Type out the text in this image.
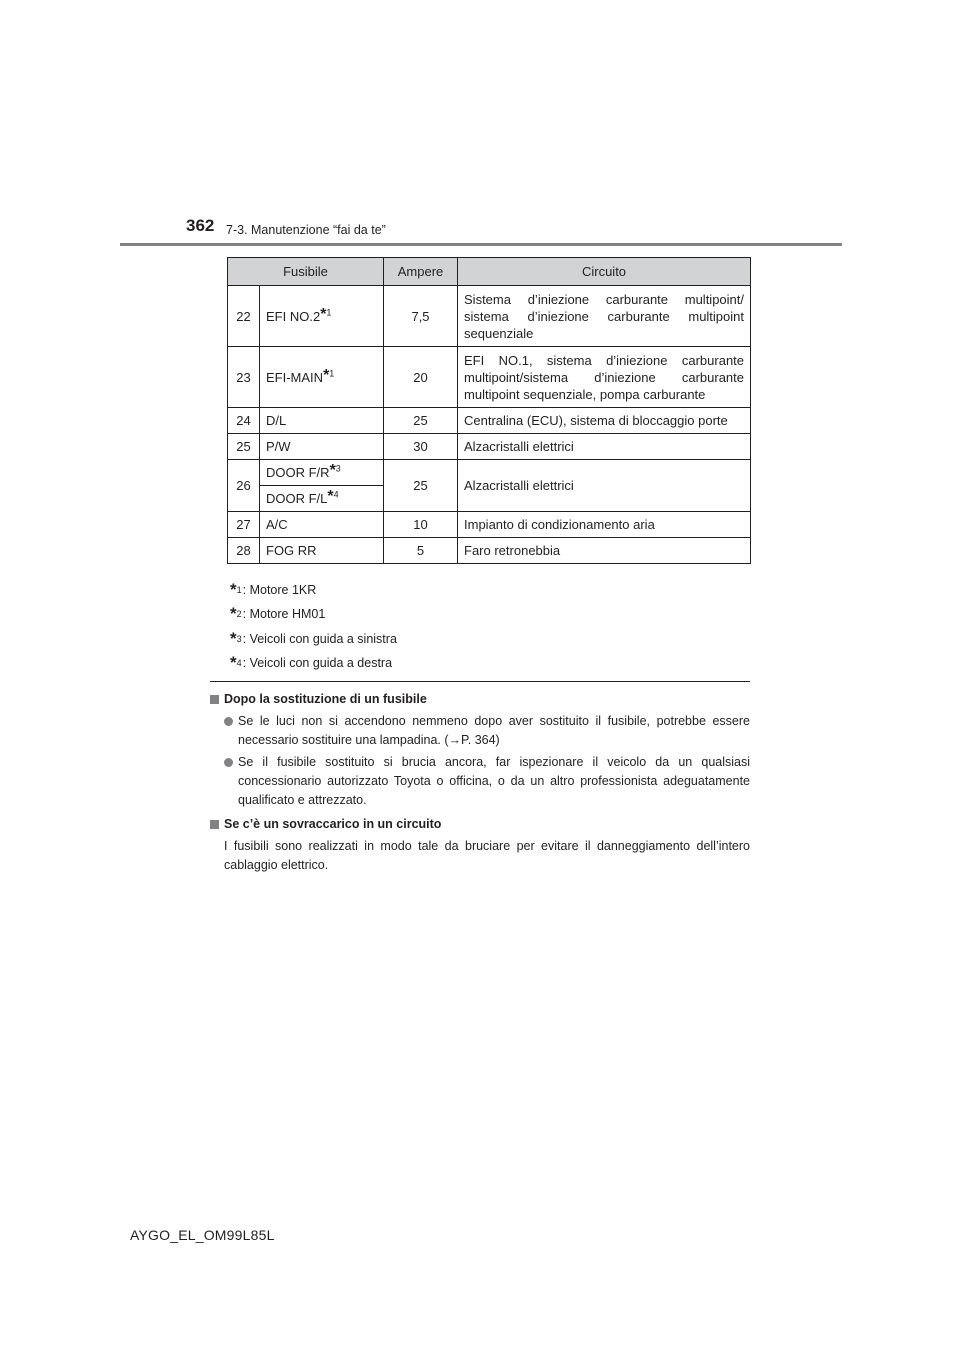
362 7-3. Manutenzione “fai da te”
Fusibile		Ampere	Circuito
22	EFI NO.2*$^1$	7,5	Sistema d’iniezione carburante multipoint/ sistema d’iniezione carburante multipoint sequenziale
23	EFI-MAIN*$^1$	20	EFI NO.1, sistema d’iniezione carburante multipoint/sistema d’iniezione carburante multipoint sequenziale, pompa carburante
24	D/L	25	Centralina (ECU), sistema di bloccaggio porte
25	P/W	30	Alzacristalli elettrici
26	DOOR F/R*$^3$	25	Alzacristalli elettrici
	DOOR F/L*$^4$
27	A/C	10	Impianto di condizionamento aria
28	FOG RR	5	Faro retronebbia
* 1 : Motore 1KR
* 2 : Motore HM01
* 3 : Veicoli con guida a sinistra
* 4 : Veicoli con guida a destra
Dopo la sostituzione di un fusibile
Se le luci non si accendono nemmeno dopo aver sostituito il fusibile, potrebbe essere necessario sostituire una lampadina. (→P. 364)
Se il fusibile sostituito si brucia ancora, far ispezionare il veicolo da un qualsiasi concessionario autorizzato Toyota o officina, o da un altro professionista adeguatamente qualificato e attrezzato.
Se c’è un sovraccarico in un circuito
I fusibili sono realizzati in modo tale da bruciare per evitare il danneggiamento dell’intero cablaggio elettrico.
AYGO_EL_OM99L85L
